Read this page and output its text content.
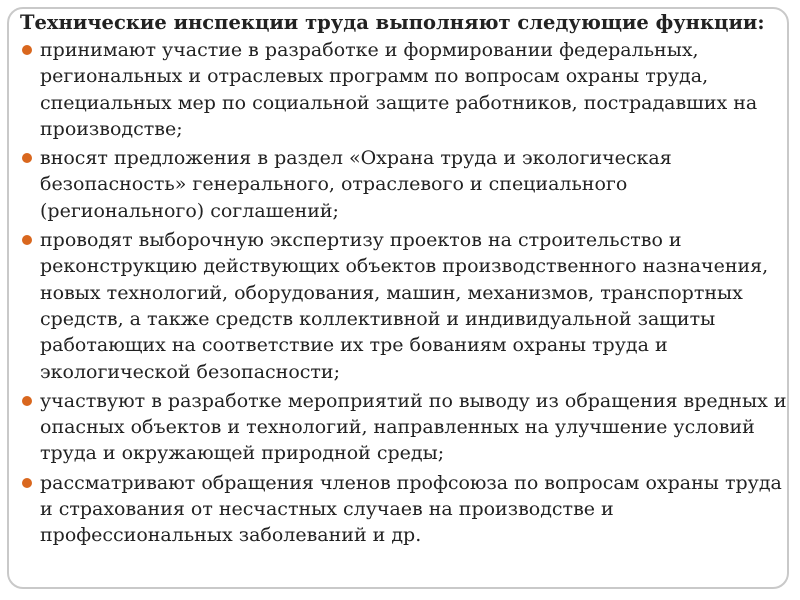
Технические инспекции труда выполняют следующие функции:
принимают участие в разработке и формировании федеральных, региональных и отраслевых программ по вопросам охраны труда, специальных мер по социальной защите работников, пострадавших на производстве;
вносят предложения в раздел «Охрана труда и экологическая безопасность» генерального, отраслевого и специального (регионального) соглашений;
проводят выборочную экспертизу проектов на строительство и реконструкцию действующих объектов производственного назначения, новых технологий, оборудования, машин, механизмов, транспортных средств, а также средств коллективной и индивидуальной защиты работающих на соответствие их тре бованиям охраны труда и экологической безопасности;
участвуют в разработке мероприятий по выводу из обращения вредных и опасных объектов и технологий, направленных на улучшение условий труда и окружающей природной среды;
рассматривают обращения членов профсоюза по вопросам охраны труда и страхования от несчастных случаев на производстве и профессиональных заболеваний и др.
